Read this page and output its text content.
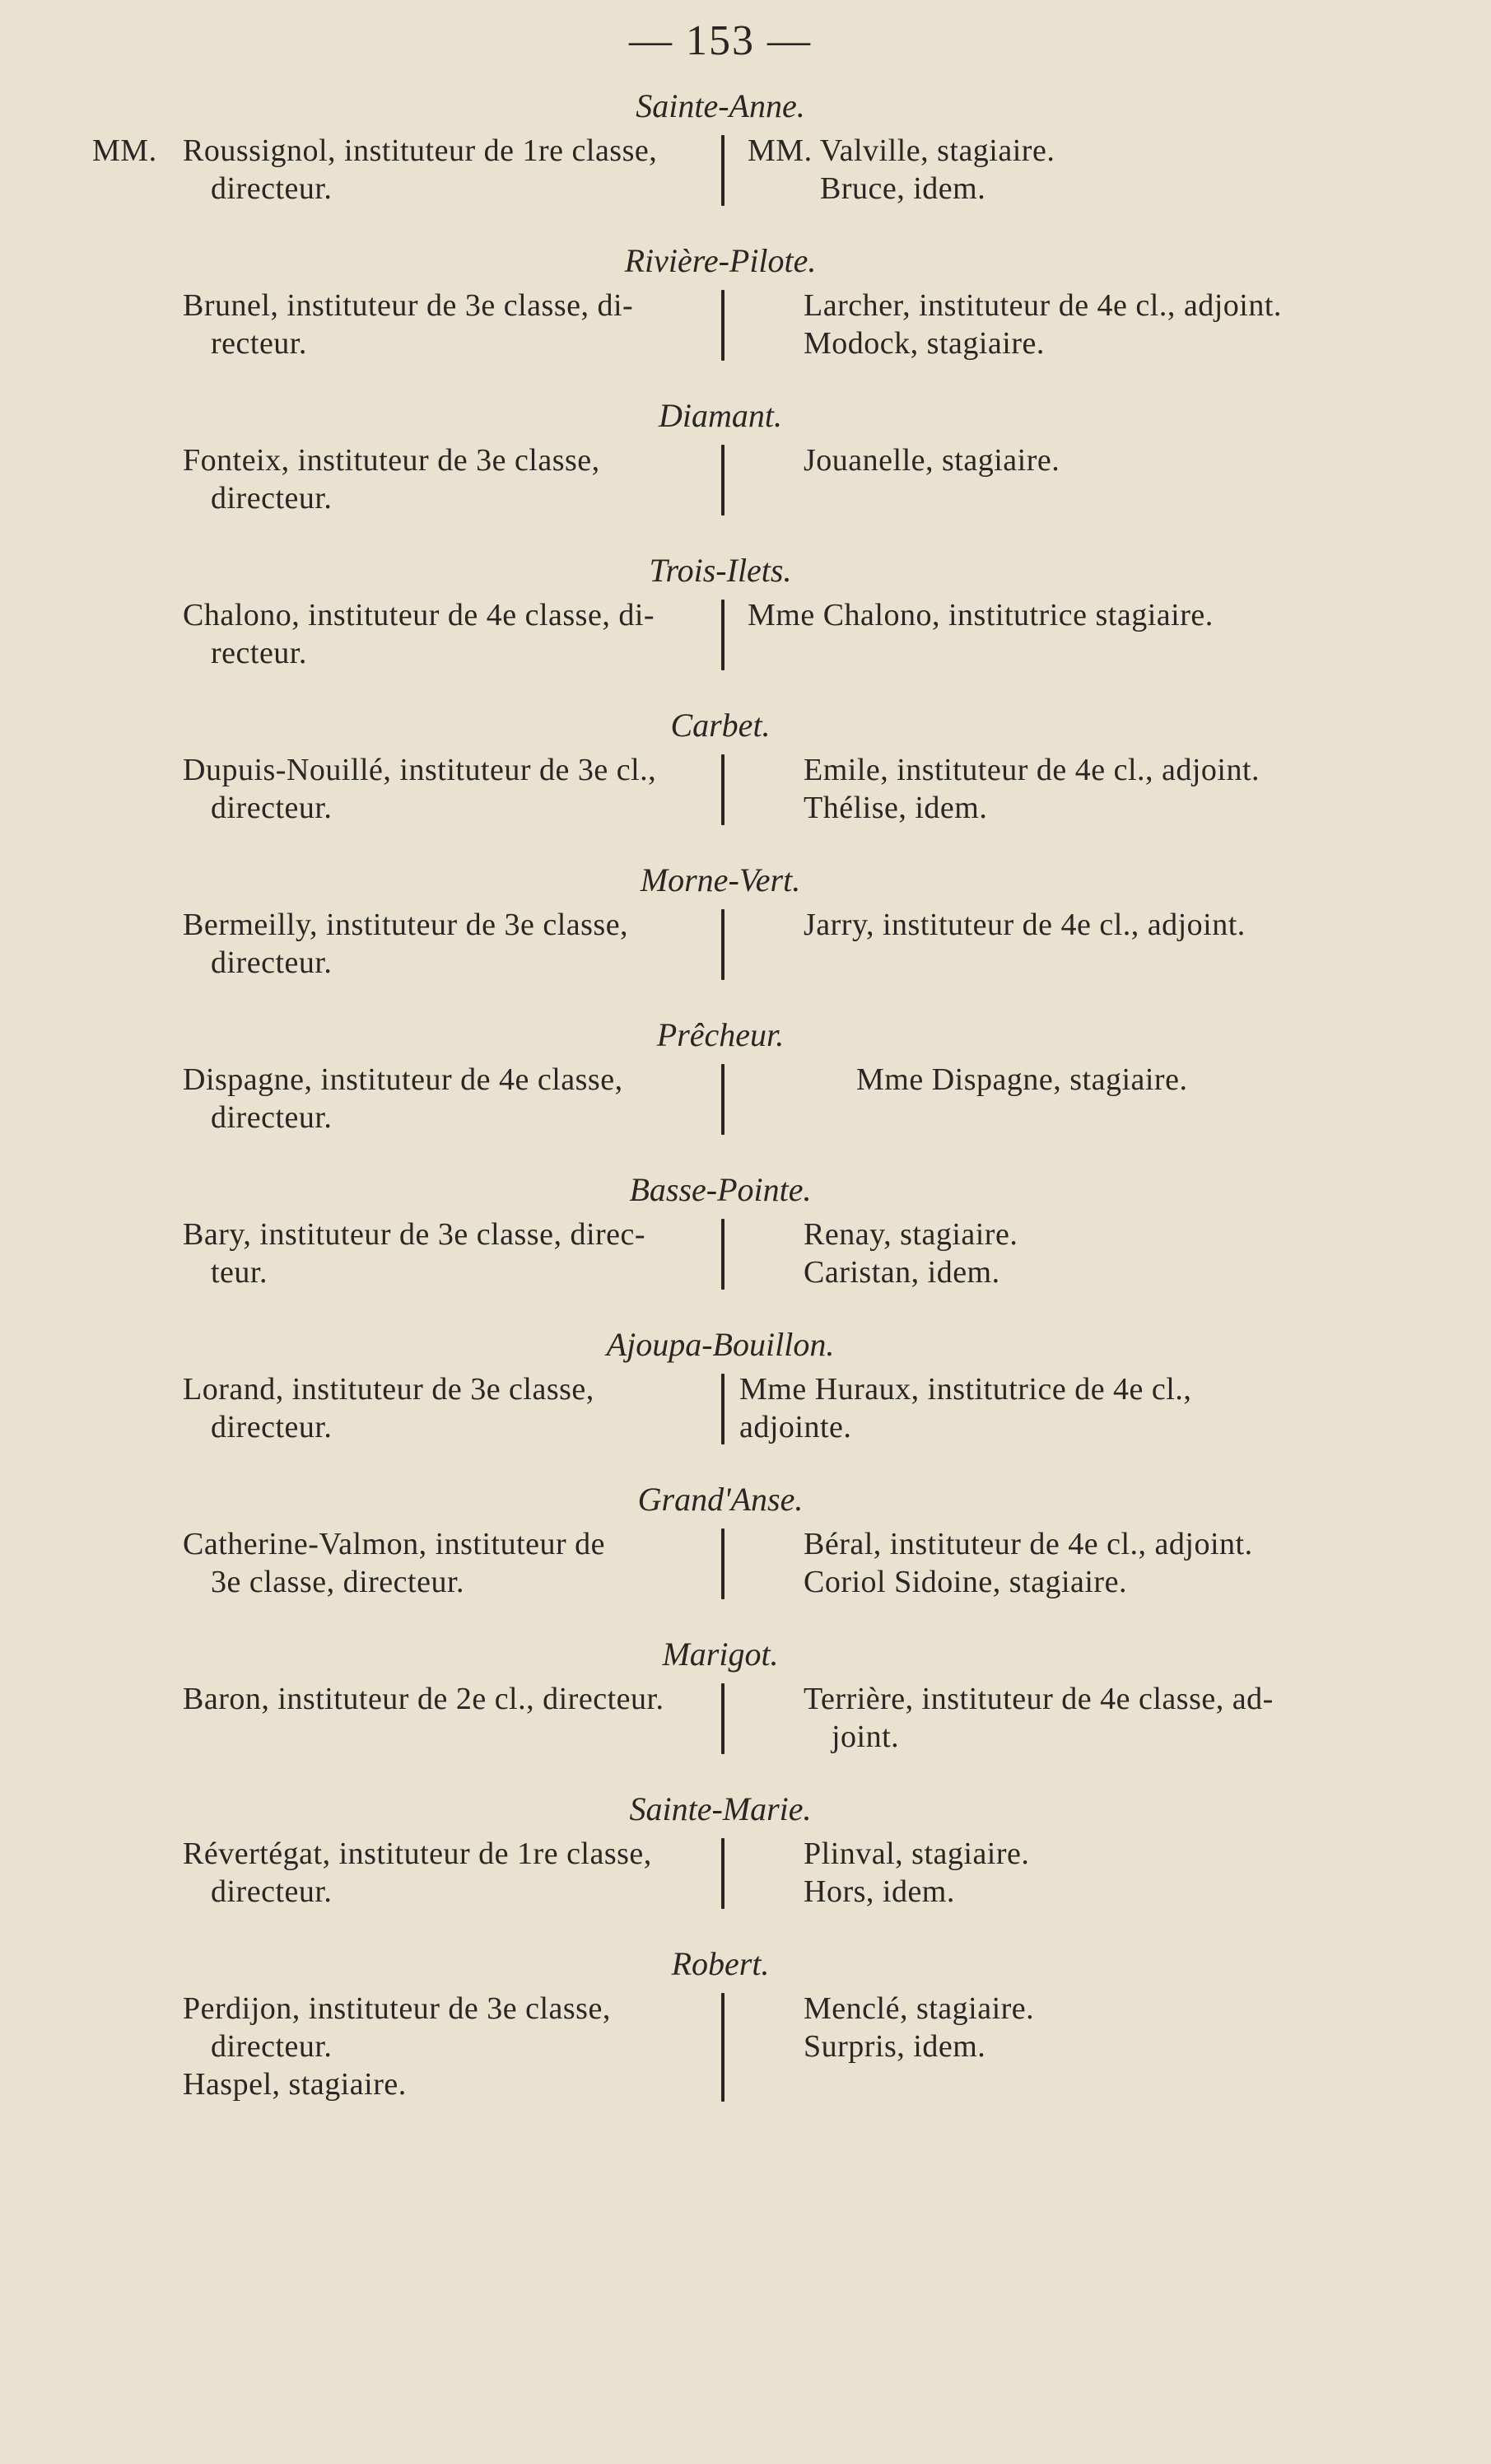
— 153 —
Sainte-Anne.
MM. Roussignol, instituteur de 1re classe,
directeur.
MM. Valville, stagiaire.
Bruce, idem.
Rivière-Pilote.
Brunel, instituteur de 3e classe, di-
recteur.
Larcher, instituteur de 4e cl., adjoint.
Modock, stagiaire.
Diamant.
Fonteix, instituteur de 3e classe,
directeur.
Jouanelle, stagiaire.
Trois-Ilets.
Chalono, instituteur de 4e classe, di-
recteur.
Mme Chalono, institutrice stagiaire.
Carbet.
Dupuis-Nouillé, instituteur de 3e cl.,
directeur.
Emile, instituteur de 4e cl., adjoint.
Thélise, idem.
Morne-Vert.
Bermeilly, instituteur de 3e classe,
directeur.
Jarry, instituteur de 4e cl., adjoint.
Prêcheur.
Dispagne, instituteur de 4e classe,
directeur.
Mme Dispagne, stagiaire.
Basse-Pointe.
Bary, instituteur de 3e classe, direc-
teur.
Renay, stagiaire.
Caristan, idem.
Ajoupa-Bouillon.
Lorand, instituteur de 3e classe,
directeur.
Mme Huraux, institutrice de 4e cl., adjointe.
Grand'Anse.
Catherine-Valmon, instituteur de
3e classe, directeur.
Béral, instituteur de 4e cl., adjoint.
Coriol Sidoine, stagiaire.
Marigot.
Baron, instituteur de 2e cl., directeur.	Terrière, instituteur de 4e classe, ad-
joint.
Sainte-Marie.
Révertégat, instituteur de 1re classe,
directeur.
Plinval, stagiaire.
Hors, idem.
Robert.
Perdijon, instituteur de 3e classe,
directeur.
Haspel, stagiaire.
Menclé, stagiaire.
Surpris, idem.
